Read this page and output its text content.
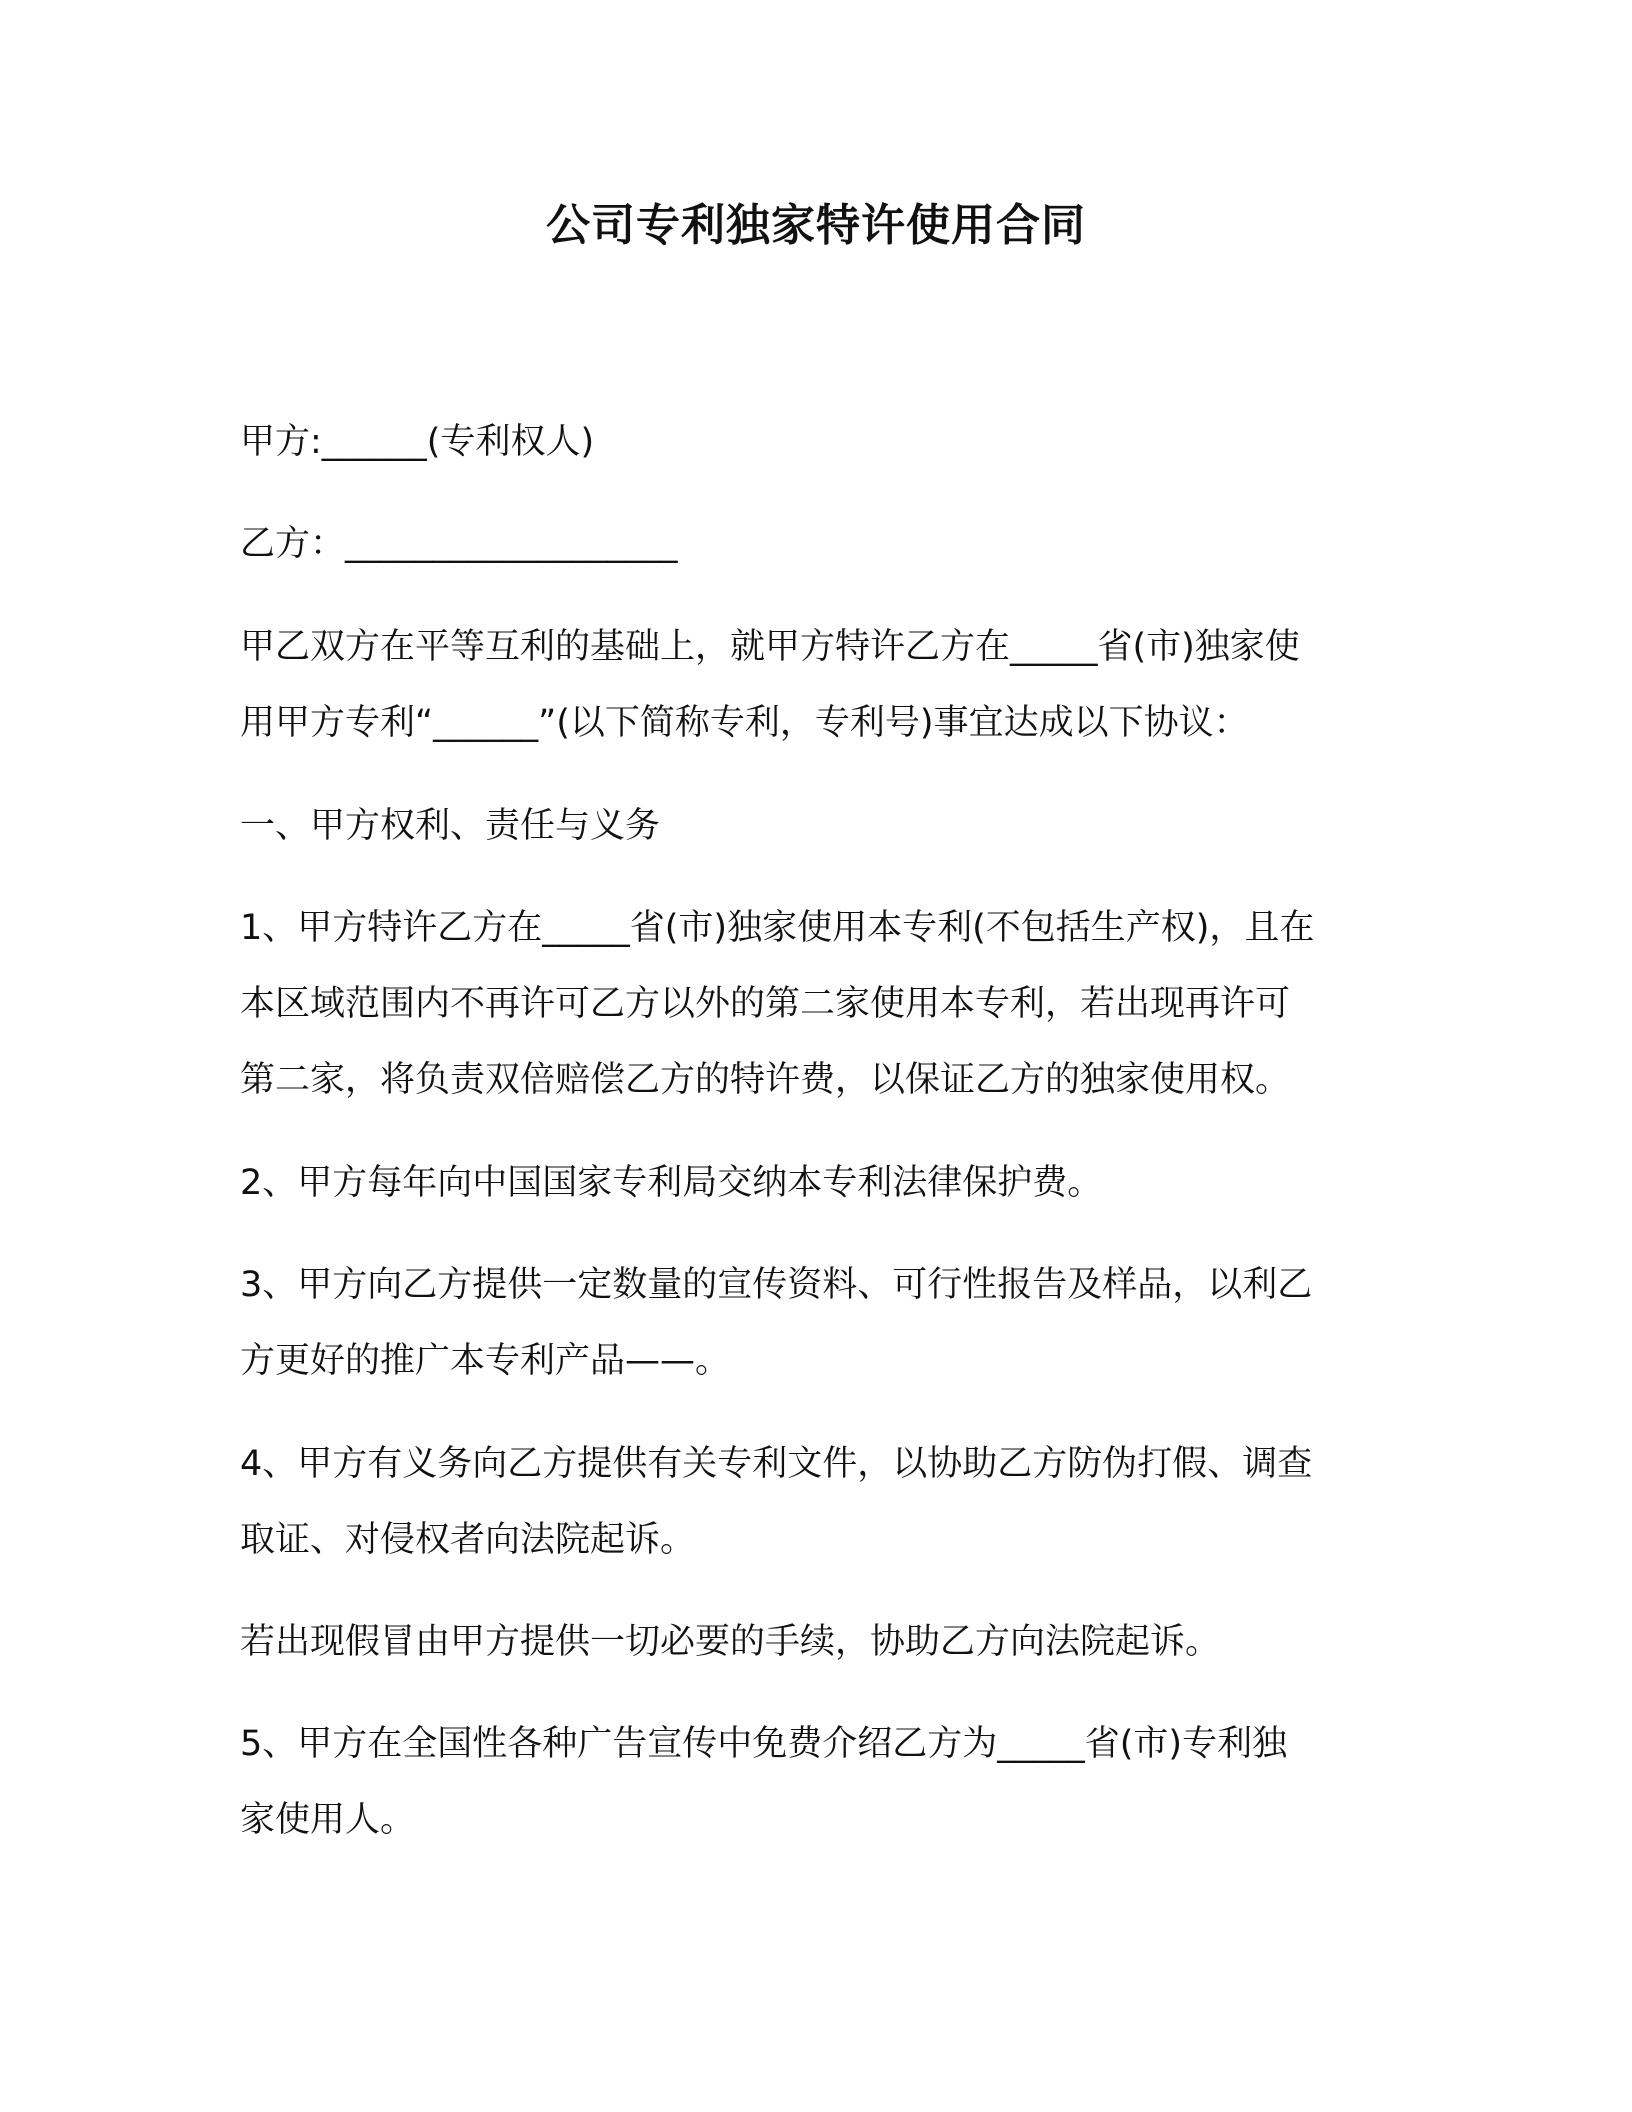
公司专利独家特许使用合同
甲方:______(专利权人)
乙方：___________________
甲乙双方在平等互利的基础上，就甲方特许乙方在_____省(市)独家使
用甲方专利“______”(以下简称专利，专利号)事宜达成以下协议：
一、甲方权利、责任与义务
1、甲方特许乙方在_____省(市)独家使用本专利(不包括生产权)，且在
本区域范围内不再许可乙方以外的第二家使用本专利，若出现再许可
第二家，将负责双倍赔偿乙方的特许费，以保证乙方的独家使用权。
2、甲方每年向中国国家专利局交纳本专利法律保护费。
3、甲方向乙方提供一定数量的宣传资料、可行性报告及样品，以利乙
方更好的推广本专利产品——。
4、甲方有义务向乙方提供有关专利文件，以协助乙方防伪打假、调查
取证、对侵权者向法院起诉。
若出现假冒由甲方提供一切必要的手续，协助乙方向法院起诉。
5、甲方在全国性各种广告宣传中免费介绍乙方为_____省(市)专利独
家使用人。
